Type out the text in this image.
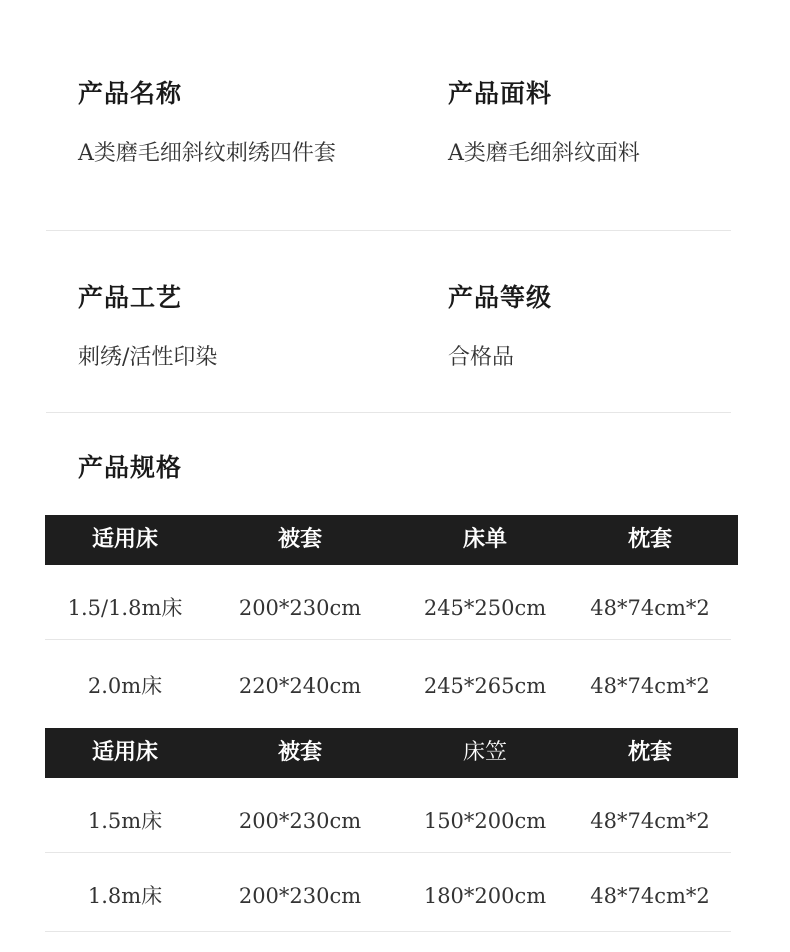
产品名称
A类磨毛细斜纹刺绣四件套
产品面料
A类磨毛细斜纹面料
产品工艺
刺绣/活性印染
产品等级
合格品
产品规格
适用床	被套	床单	枕套
1.5/1.8m床	200*230cm	245*250cm	48*74cm*2
2.0m床	220*240cm	245*265cm	48*74cm*2
适用床	被套	床笠	枕套
1.5m床	200*230cm	150*200cm	48*74cm*2
1.8m床	200*230cm	180*200cm	48*74cm*2
